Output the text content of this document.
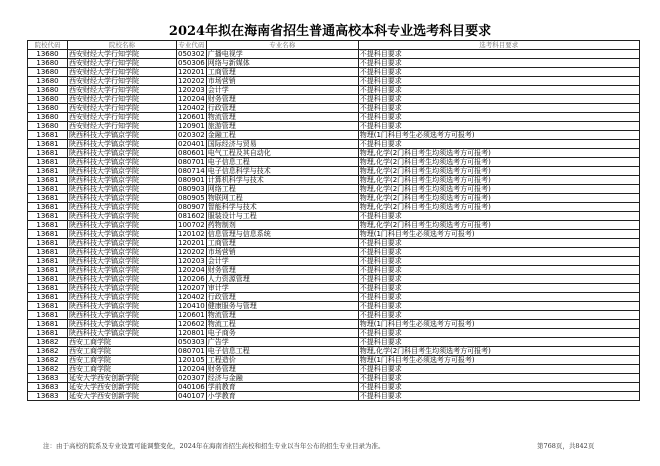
2024年拟在海南省招生普通高校本科专业选考科目要求
院校代码	院校名称	专业代码	专业名称	选考科目要求
13680	西安财经大学行知学院	050302	广播电视学	不提科目要求
13680	西安财经大学行知学院	050306	网络与新媒体	不提科目要求
13680	西安财经大学行知学院	120201	工商管理	不提科目要求
13680	西安财经大学行知学院	120202	市场营销	不提科目要求
13680	西安财经大学行知学院	120203	会计学	不提科目要求
13680	西安财经大学行知学院	120204	财务管理	不提科目要求
13680	西安财经大学行知学院	120402	行政管理	不提科目要求
13680	西安财经大学行知学院	120601	物流管理	不提科目要求
13680	西安财经大学行知学院	120901	旅游管理	不提科目要求
13681	陕西科技大学镐京学院	020302	金融工程	物理(1门科目考生必须选考方可报考)
13681	陕西科技大学镐京学院	020401	国际经济与贸易	不提科目要求
13681	陕西科技大学镐京学院	080601	电气工程及其自动化	物理,化学(2门科目考生均须选考方可报考)
13681	陕西科技大学镐京学院	080701	电子信息工程	物理,化学(2门科目考生均须选考方可报考)
13681	陕西科技大学镐京学院	080714	电子信息科学与技术	物理,化学(2门科目考生均须选考方可报考)
13681	陕西科技大学镐京学院	080901	计算机科学与技术	物理,化学(2门科目考生均须选考方可报考)
13681	陕西科技大学镐京学院	080903	网络工程	物理,化学(2门科目考生均须选考方可报考)
13681	陕西科技大学镐京学院	080905	物联网工程	物理,化学(2门科目考生均须选考方可报考)
13681	陕西科技大学镐京学院	080907	智能科学与技术	物理,化学(2门科目考生均须选考方可报考)
13681	陕西科技大学镐京学院	081602	服装设计与工程	不提科目要求
13681	陕西科技大学镐京学院	100702	药物制剂	物理,化学(2门科目考生均须选考方可报考)
13681	陕西科技大学镐京学院	120102	信息管理与信息系统	物理(1门科目考生必须选考方可报考)
13681	陕西科技大学镐京学院	120201	工商管理	不提科目要求
13681	陕西科技大学镐京学院	120202	市场营销	不提科目要求
13681	陕西科技大学镐京学院	120203	会计学	不提科目要求
13681	陕西科技大学镐京学院	120204	财务管理	不提科目要求
13681	陕西科技大学镐京学院	120206	人力资源管理	不提科目要求
13681	陕西科技大学镐京学院	120207	审计学	不提科目要求
13681	陕西科技大学镐京学院	120402	行政管理	不提科目要求
13681	陕西科技大学镐京学院	120410	健康服务与管理	不提科目要求
13681	陕西科技大学镐京学院	120601	物流管理	不提科目要求
13681	陕西科技大学镐京学院	120602	物流工程	物理(1门科目考生必须选考方可报考)
13681	陕西科技大学镐京学院	120801	电子商务	不提科目要求
13682	西安工商学院	050303	广告学	不提科目要求
13682	西安工商学院	080701	电子信息工程	物理,化学(2门科目考生均须选考方可报考)
13682	西安工商学院	120105	工程造价	物理(1门科目考生必须选考方可报考)
13682	西安工商学院	120204	财务管理	不提科目要求
13683	延安大学西安创新学院	020307	经济与金融	不提科目要求
13683	延安大学西安创新学院	040106	学前教育	不提科目要求
13683	延安大学西安创新学院	040107	小学教育	不提科目要求
注：由于高校的院系及专业设置可能调整变化，2024年在海南省招生高校和招生专业以当年公布的招生专业目录为准。	第768页，共842页
